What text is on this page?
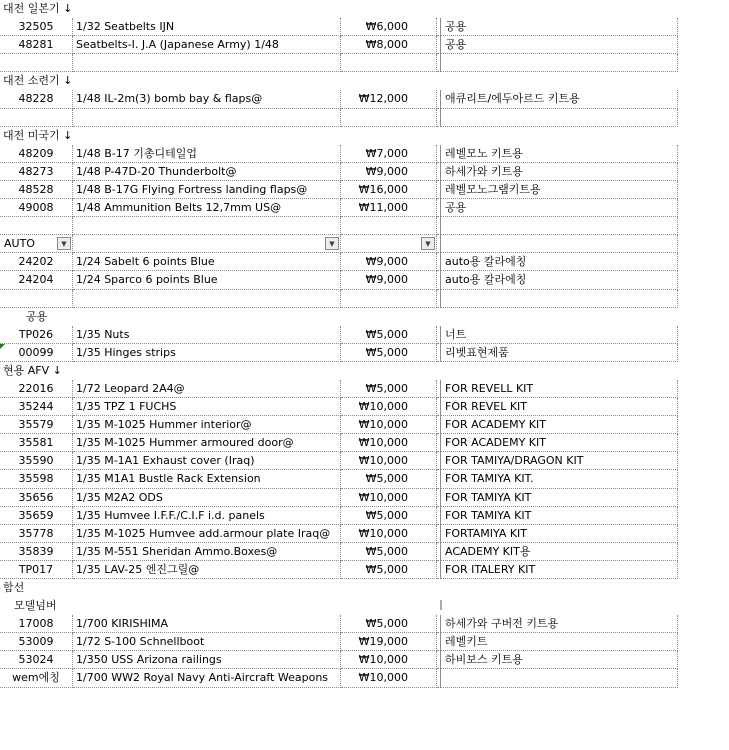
대전 일본기 ↓
32505	1/32 Seatbelts IJN	₩6,000	공용
48281	Seatbelts-I. J.A (Japanese Army) 1/48	₩8,000	공용
대전 소련기 ↓
48228	1/48 IL-2m(3) bomb bay & flaps@	₩12,000	애큐리트/에두아르드 키트용
대전 미국기 ↓
48209	1/48 B-17 기총디테일업	₩7,000	레벨모노 키트용
48273	1/48 P-47D-20 Thunderbolt@	₩9,000	하세가와 키트용
48528	1/48 B-17G Flying Fortress landing flaps@	₩16,000	레벨모노그램키트용
49008	1/48 Ammunition Belts 12,7mm US@	₩11,000	공용
AUTO	▼	▼	▼
24202	1/24 Sabelt 6 points Blue	₩9,000	auto용 칼라에칭
24204	1/24 Sparco 6 points Blue	₩9,000	auto용 칼라에칭
공용
TP026	1/35 Nuts	₩5,000	너트
00099	1/35 Hinges strips	₩5,000	리벳표현제품
현용 AFV ↓
22016	1/72 Leopard 2A4@	₩5,000	FOR REVELL KIT
35244	1/35 TPZ 1 FUCHS	₩10,000	FOR REVEL KIT
35579	1/35 M-1025 Hummer interior@	₩10,000	FOR ACADEMY KIT
35581	1/35 M-1025 Hummer armoured door@	₩10,000	FOR ACADEMY KIT
35590	1/35 M-1A1 Exhaust cover (Iraq)	₩10,000	FOR TAMIYA/DRAGON KIT
35598	1/35 M1A1 Bustle Rack Extension	₩5,000	FOR TAMIYA KIT.
35656	1/35 M2A2 ODS	₩10,000	FOR TAMIYA KIT
35659	1/35 Humvee I.F.F./C.I.F i.d. panels	₩5,000	FOR TAMIYA KIT
35778	1/35 M-1025 Humvee add.armour plate Iraq@	₩10,000	FORTAMIYA KIT
35839	1/35 M-551 Sheridan Ammo.Boxes@	₩5,000	ACADEMY KIT용
TP017	1/35 LAV-25 엔진그릴@	₩5,000	FOR ITALERY KIT
함선
모델넘버
17008	1/700 KIRISHIMA	₩5,000	하세가와 구버전 키트용
53009	1/72 S-100 Schnellboot	₩19,000	레벨키트
53024	1/350 USS Arizona railings	₩10,000	하비보스 키트용
wem에칭	1/700 WW2 Royal Navy Anti-Aircraft Weapons	₩10,000
